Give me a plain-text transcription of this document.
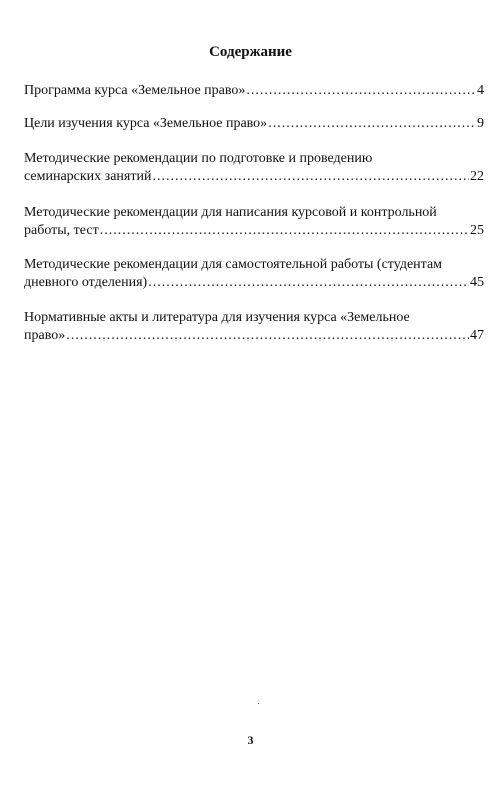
Содержание
Программа курса «Земельное право» .....	4
Цели изучения курса «Земельное право» .....	9
Методические рекомендации по подготовке и проведению
семинарских занятий .....	22
Методические рекомендации для написания курсовой и контрольной
работы, тест .....	25
Методические рекомендации для самостоятельной работы (студентам
дневного отделения) .....	45
Нормативные акты и литература для изучения курса «Земельное
право» .....	47
3
